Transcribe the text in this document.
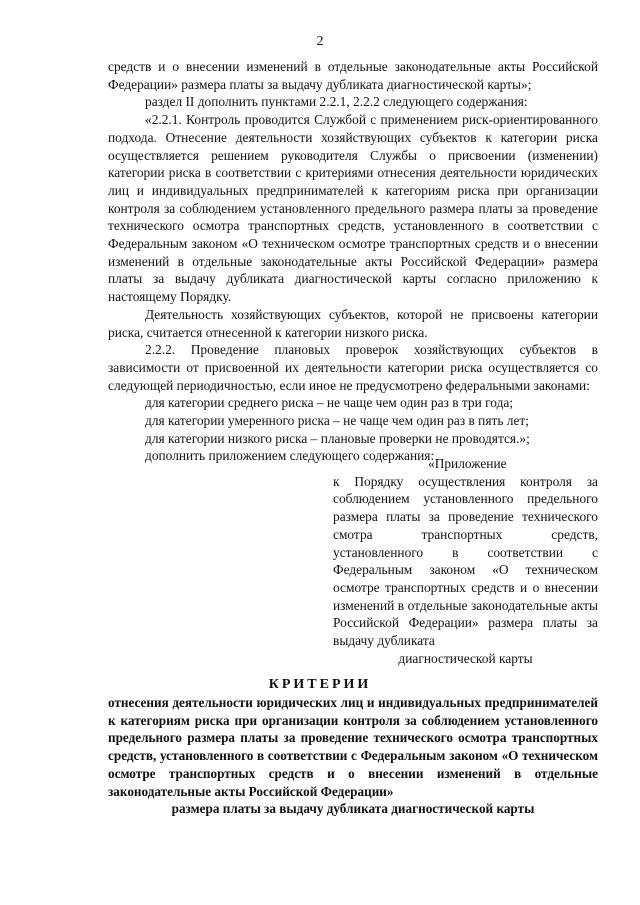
2

средств и о внесении изменений в отдельные законодательные акты Российской Федерации» размера платы за выдачу дубликата диагностической карты»;

раздел II дополнить пунктами 2.2.1, 2.2.2 следующего содержания:

«2.2.1. Контроль проводится Службой с применением риск-ориентированного подхода. Отнесение деятельности хозяйствующих субъектов к категории риска осуществляется решением руководителя Службы о присвоении (изменении) категории риска в соответствии с критериями отнесения деятельности юридических лиц и индивидуальных предпринимателей к категориям риска при организации контроля за соблюдением установленного предельного размера платы за проведение технического осмотра транспортных средств, установленного в соответствии с Федеральным законом «О техническом осмотре транспортных средств и о внесении изменений в отдельные законодательные акты Российской Федерации» размера платы за выдачу дубликата диагностической карты согласно приложению к настоящему Порядку.

Деятельность хозяйствующих субъектов, которой не присвоены категории риска, считается отнесенной к категории низкого риска.

2.2.2. Проведение плановых проверок хозяйствующих субъектов в зависимости от присвоенной их деятельности категории риска осуществляется со следующей периодичностью, если иное не предусмотрено федеральными законами:

для категории среднего риска – не чаще чем один раз в три года;

для категории умеренного риска – не чаще чем один раз в пять лет;

для категории низкого риска – плановые проверки не проводятся.»;

дополнить приложением следующего содержания:

«Приложение
к Порядку осуществления контроля за соблюдением установленного предельного размера платы за проведение технического смотра транспортных средств, установленного в соответствии с Федеральным законом «О техническом осмотре транспортных средств и о внесении изменений в отдельные законодательные акты Российской Федерации» размера платы за выдачу дубликата
диагностической карты
КРИТЕРИИ
отнесения деятельности юридических лиц и индивидуальных предпринимателей к категориям риска при организации контроля за соблюдением установленного предельного размера платы за проведение технического осмотра транспортных средств, установленного в соответствии с Федеральным законом «О техническом осмотре транспортных средств и о внесении изменений в отдельные законодательные акты Российской Федерации»
размера платы за выдачу дубликата диагностической карты
